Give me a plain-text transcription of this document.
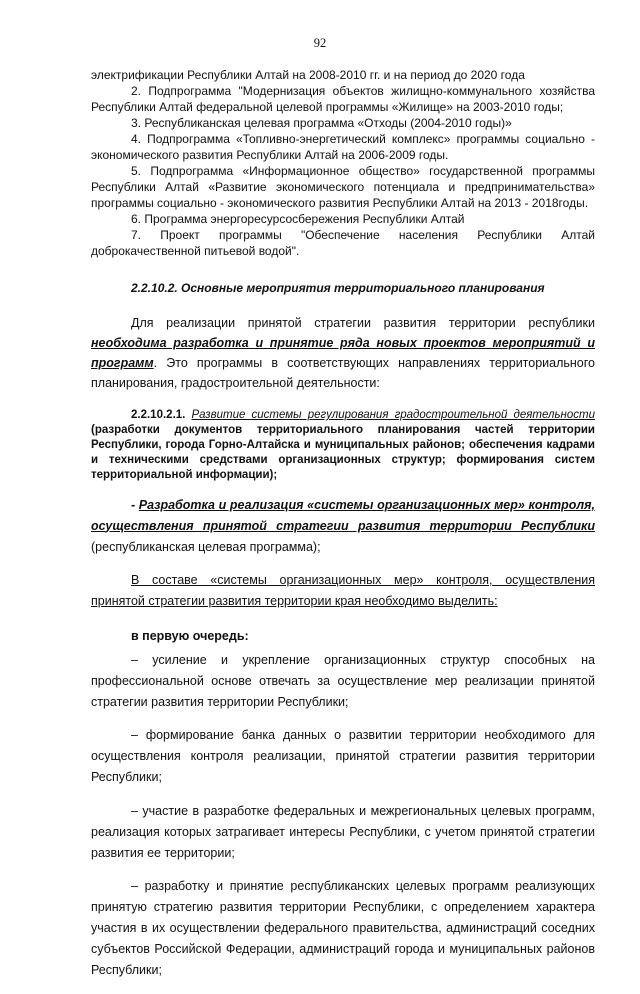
92

электрификации Республики Алтай на 2008-2010 гг. и на период до 2020 года

2. Подпрограмма "Модернизация объектов жилищно-коммунального хозяйства Республики Алтай федеральной целевой программы «Жилище» на 2003-2010 годы;

3. Республиканская целевая программа «Отходы (2004-2010 годы)»

4. Подпрограмма «Топливно-энергетический комплекс» программы социально - экономического развития Республики Алтай на 2006-2009 годы.

5. Подпрограмма «Информационное общество» государственной программы Республики Алтай «Развитие экономического потенциала и предпринимательства» программы социально - экономического развития Республики Алтай на 2013 - 2018годы.

6. Программа энергоресурсосбережения Республики Алтай

7. Проект программы "Обеспечение населения Республики Алтай доброкачественной питьевой водой".

2.2.10.2. Основные мероприятия территориального планирования

Для реализации принятой стратегии развития территории республики необходима разработка и принятие ряда новых проектов мероприятий и программ. Это программы в соответствующих направлениях территориального планирования, градостроительной деятельности:

2.2.10.2.1. Развитие системы регулирования градостроительной деятельности (разработки документов территориального планирования частей территории Республики, города Горно-Алтайска и муниципальных районов; обеспечения кадрами и техническими средствами организационных структур; формирования систем территориальной информации);

- Разработка и реализация «системы организационных мер» контроля, осуществления принятой стратегии развития территории Республики (республиканская целевая программа);

В составе «системы организационных мер» контроля, осуществления принятой стратегии развития территории края необходимо выделить:

в первую очередь:

– усиление и укрепление организационных структур способных на профессиональной основе отвечать за осуществление мер реализации принятой стратегии развития территории Республики;

– формирование банка данных о развитии территории необходимого для осуществления контроля реализации, принятой стратегии развития территории Республики;

– участие в разработке федеральных и межрегиональных целевых программ, реализация которых затрагивает интересы Республики, с учетом принятой стратегии развития ее территории;

– разработку и принятие республиканских целевых программ реализующих принятую стратегию развития территории Республики, с определением характера участия в их осуществлении федерального правительства, администраций соседних субъектов Российской Федерации, администраций города и муниципальных районов Республики;
